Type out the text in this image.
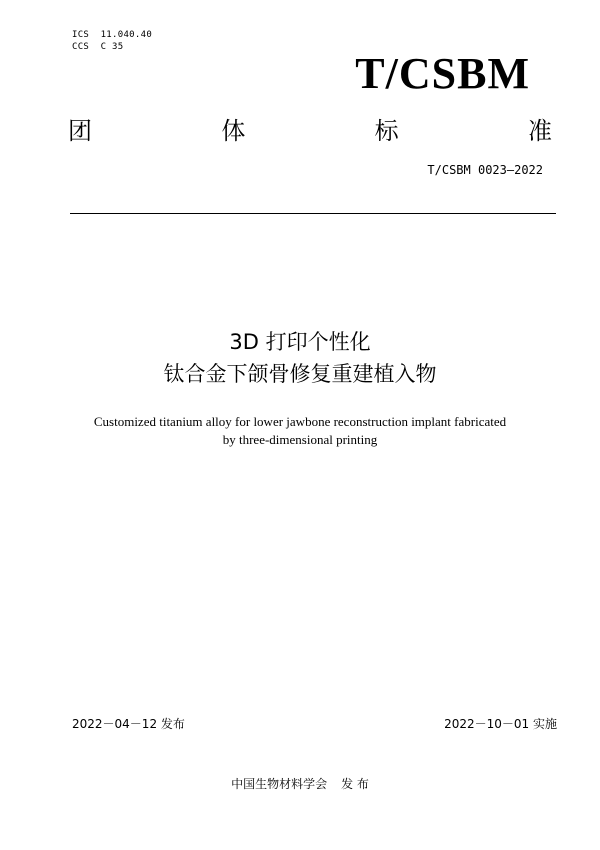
ICS  11.040.40
CCS  C 35
T/CSBM
团	体	标	准
T/CSBM 0023—2022
3D 打印个性化
钛合金下颌骨修复重建植入物
Customized titanium alloy for lower jawbone reconstruction implant fabricated
by three-dimensional printing
2022－04－12 发布	2022－10－01 实施
中国生物材料学会 发 布
